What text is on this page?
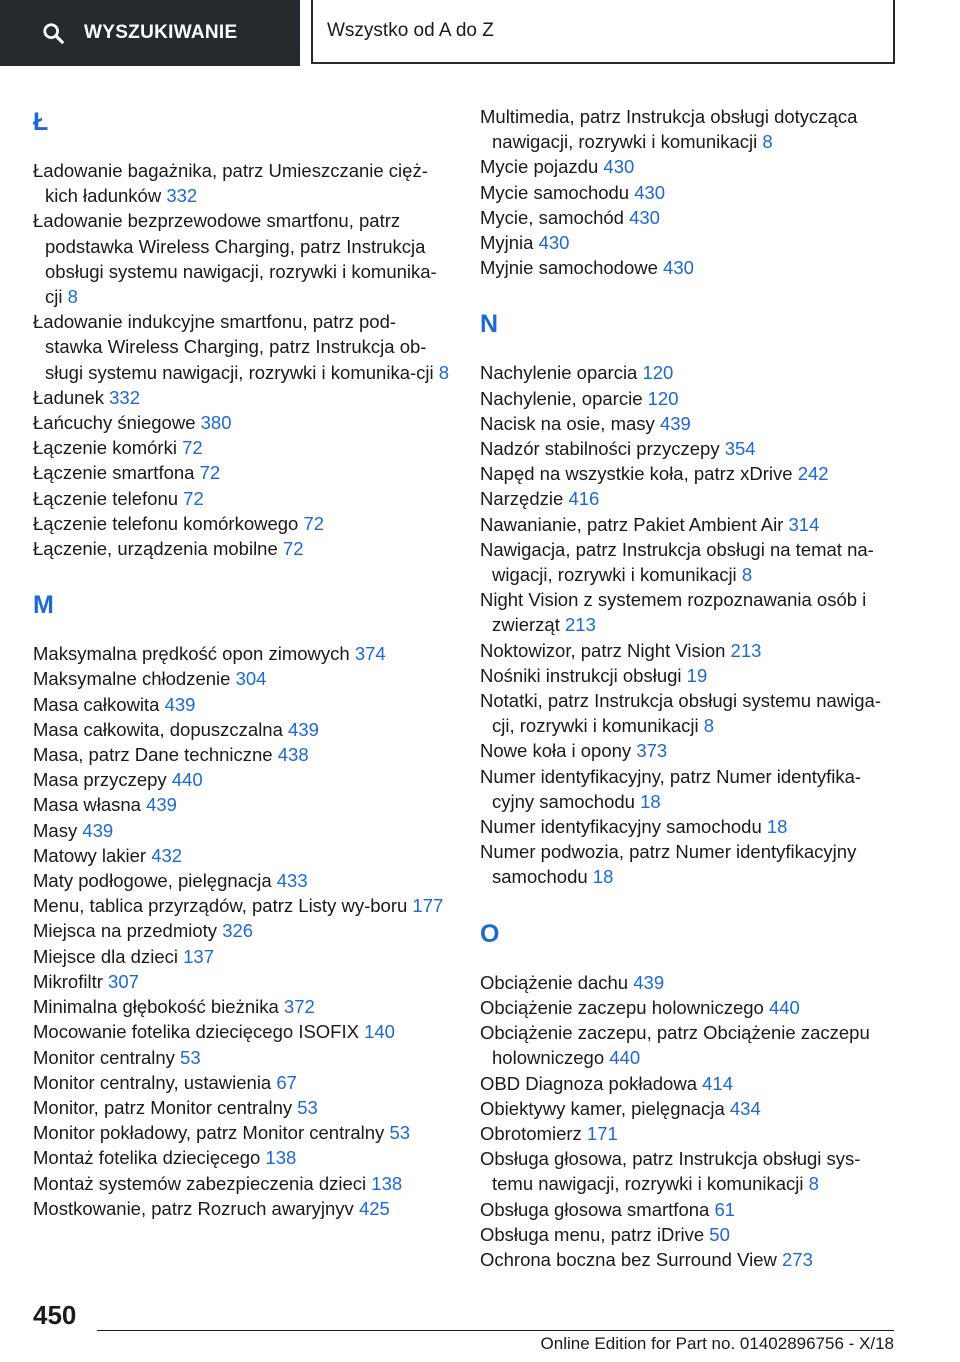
WYSZUKIWANIE	Wszystko od A do Z
Ł
Ładowanie bagażnika, patrz Umieszczanie cięż‐kich ładunków 332
Ładowanie bezprzewodowe smartfonu, patrz podstawka Wireless Charging, patrz Instrukcja obsługi systemu nawigacji, rozrywki i komunika‐cji 8
Ładowanie indukcyjne smartfonu, patrz pod‐stawka Wireless Charging, patrz Instrukcja ob‐sługi systemu nawigacji, rozrywki i komunika‐cji 8
Ładunek 332
Łańcuchy śniegowe 380
Łączenie komórki 72
Łączenie smartfona 72
Łączenie telefonu 72
Łączenie telefonu komórkowego 72
Łączenie, urządzenia mobilne 72
M
Maksymalna prędkość opon zimowych 374
Maksymalne chłodzenie 304
Masa całkowita 439
Masa całkowita, dopuszczalna 439
Masa, patrz Dane techniczne 438
Masa przyczepy 440
Masa własna 439
Masy 439
Matowy lakier 432
Maty podłogowe, pielęgnacja 433
Menu, tablica przyrządów, patrz Listy wy‐boru 177
Miejsca na przedmioty 326
Miejsce dla dzieci 137
Mikrofiltr 307
Minimalna głębokość bieżnika 372
Mocowanie fotelika dziecięcego ISOFIX 140
Monitor centralny 53
Monitor centralny, ustawienia 67
Monitor, patrz Monitor centralny 53
Monitor pokładowy, patrz Monitor centralny 53
Montaż fotelika dziecięcego 138
Montaż systemów zabezpieczenia dzieci 138
Mostkowanie, patrz Rozruch awaryjnyv 425
Multimedia, patrz Instrukcja obsługi dotycząca nawigacji, rozrywki i komunikacji 8
Mycie pojazdu 430
Mycie samochodu 430
Mycie, samochód 430
Myjnia 430
Myjnie samochodowe 430
N
Nachylenie oparcia 120
Nachylenie, oparcie 120
Nacisk na osie, masy 439
Nadzór stabilności przyczepy 354
Napęd na wszystkie koła, patrz xDrive 242
Narzędzie 416
Nawanianie, patrz Pakiet Ambient Air 314
Nawigacja, patrz Instrukcja obsługi na temat na‐wigacji, rozrywki i komunikacji 8
Night Vision z systemem rozpoznawania osób i zwierząt 213
Noktowizor, patrz Night Vision 213
Nośniki instrukcji obsługi 19
Notatki, patrz Instrukcja obsługi systemu nawiga‐cji, rozrywki i komunikacji 8
Nowe koła i opony 373
Numer identyfikacyjny, patrz Numer identyfika‐cyjny samochodu 18
Numer identyfikacyjny samochodu 18
Numer podwozia, patrz Numer identyfikacyjny samochodu 18
O
Obciążenie dachu 439
Obciążenie zaczepu holowniczego 440
Obciążenie zaczepu, patrz Obciążenie zaczepu holowniczego 440
OBD Diagnoza pokładowa 414
Obiektywy kamer, pielęgnacja 434
Obrotomierz 171
Obsługa głosowa, patrz Instrukcja obsługi sys‐temu nawigacji, rozrywki i komunikacji 8
Obsługa głosowa smartfona 61
Obsługa menu, patrz iDrive 50
Ochrona boczna bez Surround View 273
450
Online Edition for Part no. 01402896756 - X/18
